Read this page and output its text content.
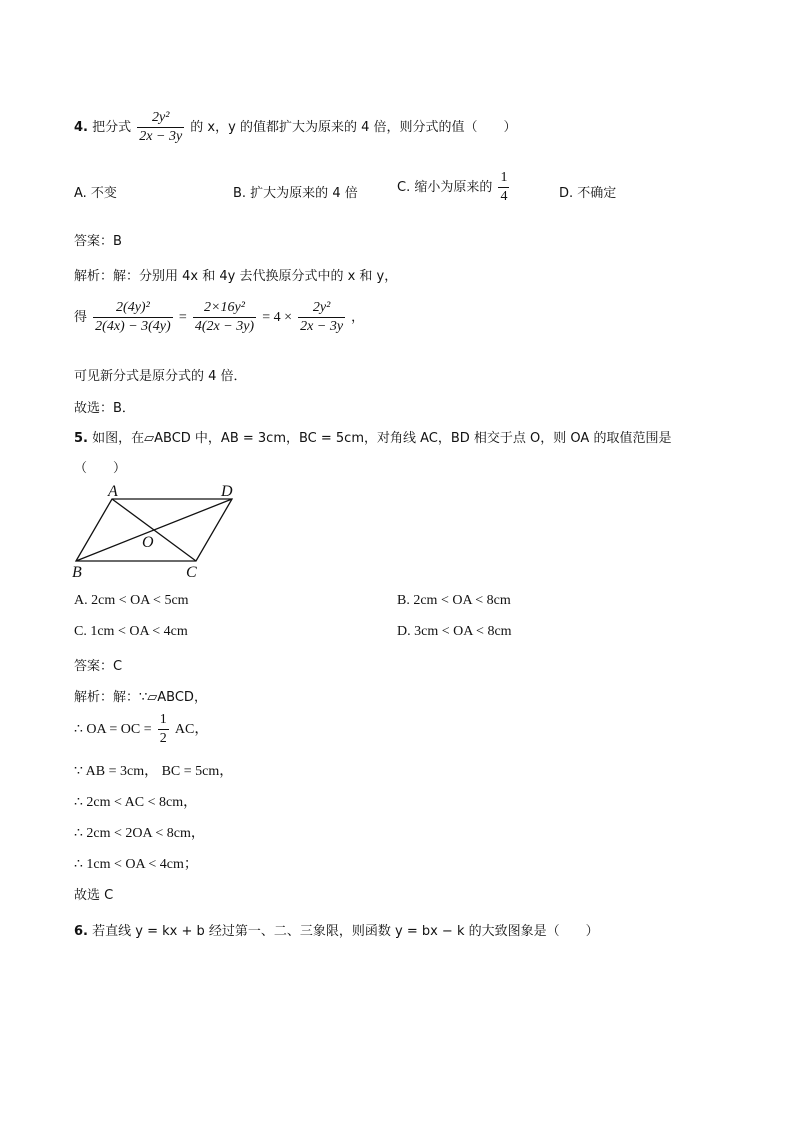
4. 把分式 $\frac{\text{2y²}}{2x - 3y}$ 的 x，y 的值都扩大为原来的 4 倍，则分式的值（　　）
A. 不变	B. 扩大为原来的 4 倍	C. 缩小为原来的 $\frac{1}{4}$	D. 不确定
答案：B
解析：解：分别用 4x 和 4y 去代换原分式中的 x 和 y，
得 $\frac{\text{2(4y)²}}{2(4x) - 3(4y)} = \frac{\text{2×16y²}}{4(2x - 3y)} = 4 \times \frac{\text{2y²}}{2x - 3y}$ ，
可见新分式是原分式的 4 倍．
故选：B．
5. 如图，在▱ABCD 中，AB = 3cm，BC = 5cm，对角线 AC，BD 相交于点 O，则 OA 的取值范围是
（　　）
A	D
B	C
O
A. 2cm < OA < 5cm	B. 2cm < OA < 8cm
C. 1cm < OA < 4cm	D. 3cm < OA < 8cm
答案：C
解析：解：∵▱ABCD，
∴ OA = OC = $\frac{1}{2}$ AC，
∵ AB = 3cm， BC = 5cm，
∴ 2cm < AC < 8cm，
∴ 2cm < 2OA < 8cm，
∴ 1cm < OA < 4cm；
故选 C
6. 若直线 y = kx + b 经过第一、二、三象限，则函数 y = bx − k 的大致图象是（　　）
